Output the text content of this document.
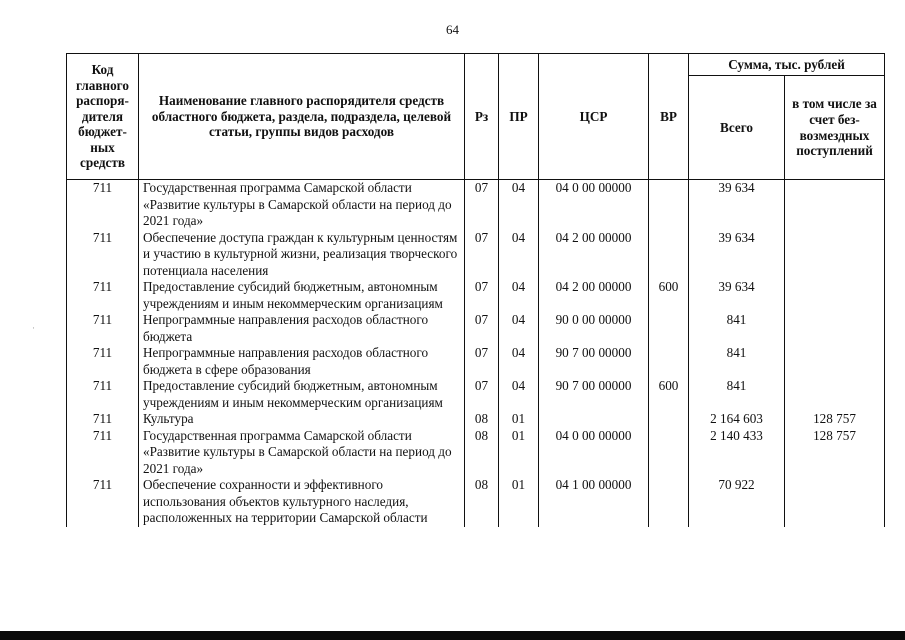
64
·
Код главного распоря-дителя бюджет-ных средств	Наименование главного распорядителя средств областного бюджета, раздела, подраздела, целевой статьи, группы видов расходов	Рз	ПР	ЦСР	ВР	Сумма, тыс. рублей	
						Всего	в том числе за счет без-возмездных поступлений
711	Государственная программа Самарской области «Развитие культуры в Самарской области на период до 2021 года»	07	04	04 0 00 00000		39 634	
711	Обеспечение доступа граждан к культурным ценностям и участию в культурной жизни, реализация творческого потенциала населения	07	04	04 2 00 00000		39 634	
711	Предоставление субсидий бюджетным, автономным учреждениям и иным некоммерческим организациям	07	04	04 2 00 00000	600	39 634	
711	Непрограммные направления расходов областного бюджета	07	04	90 0 00 00000		841	
711	Непрограммные направления расходов областного бюджета в сфере образования	07	04	90 7 00 00000		841	
711	Предоставление субсидий бюджетным, автономным учреждениям и иным некоммерческим организациям	07	04	90 7 00 00000	600	841	
711	Культура	08	01			2 164 603	128 757
711	Государственная программа Самарской области «Развитие культуры в Самарской области на период до 2021 года»	08	01	04 0 00 00000		2 140 433	128 757
711	Обеспечение сохранности и эффективного использования объектов культурного наследия, расположенных на территории Самарской области	08	01	04 1 00 00000		70 922	
